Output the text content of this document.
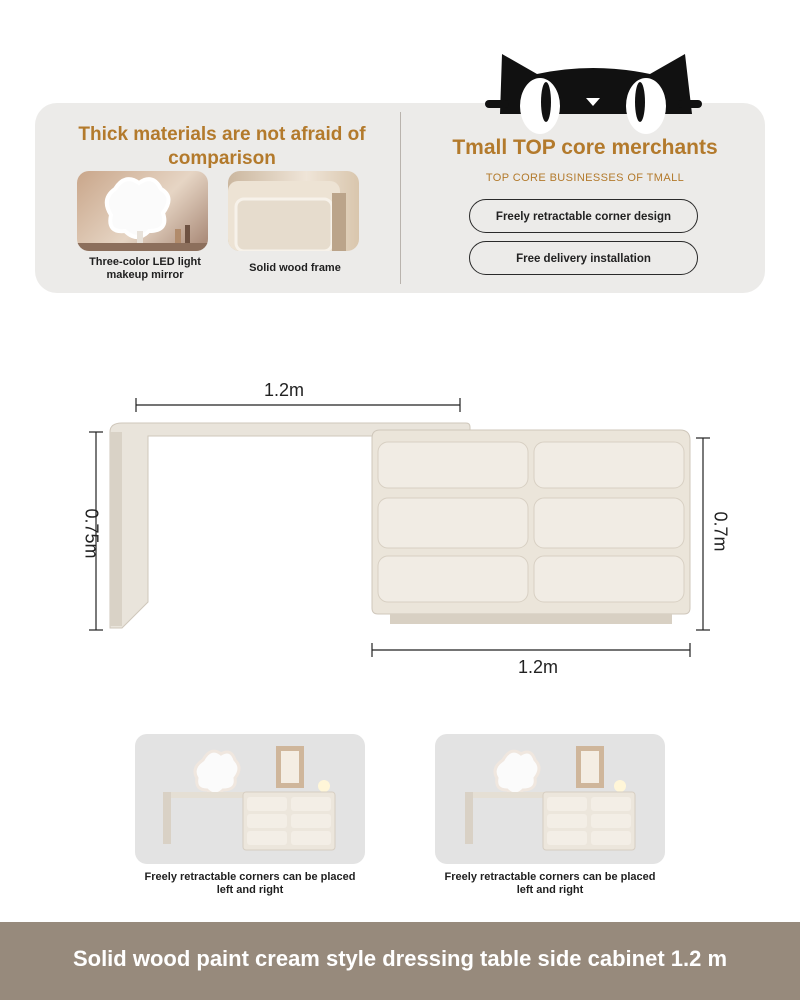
Thick materials are not afraid of comparison
Three-color LED light makeup mirror
Solid wood frame
Tmall TOP core merchants
TOP CORE BUSINESSES OF TMALL
Freely retractable corner design
Free delivery installation
1.2m
1.2m
0.75m	0.7m
Freely retractable corners can be placed left and right
Freely retractable corners can be placed left and right
Solid wood paint cream style dressing table side cabinet 1.2 m
